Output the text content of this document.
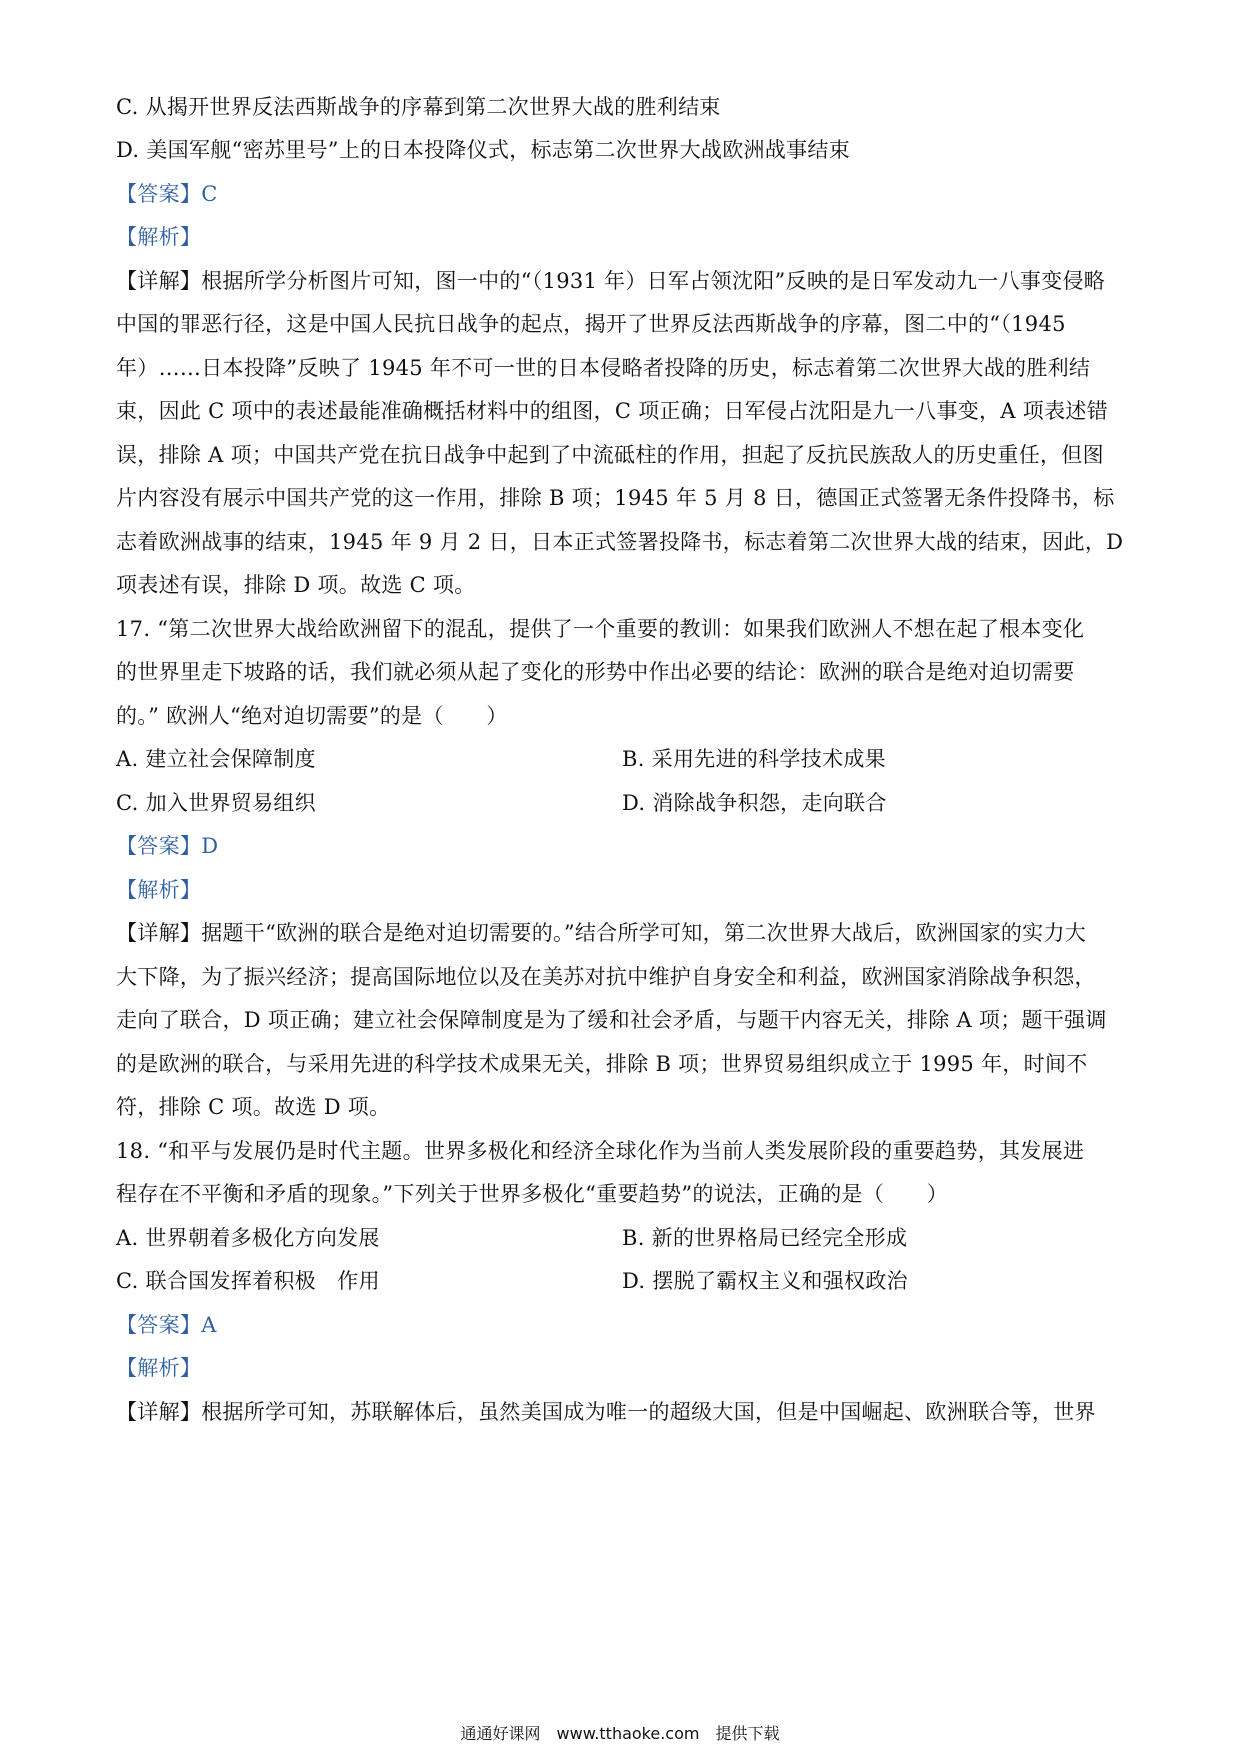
C. 从揭开世界反法西斯战争的序幕到第二次世界大战的胜利结束
D. 美国军舰“密苏里号”上的日本投降仪式，标志第二次世界大战欧洲战事结束
【答案】C
【解析】
【详解】根据所学分析图片可知，图一中的“（1931 年）日军占领沈阳”反映的是日军发动九一八事变侵略
中国的罪恶行径，这是中国人民抗日战争的起点，揭开了世界反法西斯战争的序幕，图二中的“（1945
年）……日本投降”反映了 1945 年不可一世的日本侵略者投降的历史，标志着第二次世界大战的胜利结
束，因此 C 项中的表述最能准确概括材料中的组图，C 项正确；日军侵占沈阳是九一八事变，A 项表述错
误，排除 A 项；中国共产党在抗日战争中起到了中流砥柱的作用，担起了反抗民族敌人的历史重任，但图
片内容没有展示中国共产党的这一作用，排除 B 项；1945 年 5 月 8 日，德国正式签署无条件投降书，标
志着欧洲战事的结束，1945 年 9 月 2 日，日本正式签署投降书，标志着第二次世界大战的结束，因此，D
项表述有误，排除 D 项。故选 C 项。
17. “第二次世界大战给欧洲留下的混乱，提供了一个重要的教训：如果我们欧洲人不想在起了根本变化
的世界里走下坡路的话，我们就必须从起了变化的形势中作出必要的结论：欧洲的联合是绝对迫切需要
的。” 欧洲人“绝对迫切需要”的是（　　）
A. 建立社会保障制度	B. 采用先进的科学技术成果
C. 加入世界贸易组织	D. 消除战争积怨，走向联合
【答案】D
【解析】
【详解】据题干“欧洲的联合是绝对迫切需要的。”结合所学可知，第二次世界大战后，欧洲国家的实力大
大下降，为了振兴经济；提高国际地位以及在美苏对抗中维护自身安全和利益，欧洲国家消除战争积怨，
走向了联合，D 项正确；建立社会保障制度是为了缓和社会矛盾，与题干内容无关，排除 A 项；题干强调
的是欧洲的联合，与采用先进的科学技术成果无关，排除 B 项；世界贸易组织成立于 1995 年，时间不
符，排除 C 项。故选 D 项。
18. “和平与发展仍是时代主题。世界多极化和经济全球化作为当前人类发展阶段的重要趋势，其发展进
程存在不平衡和矛盾的现象。”下列关于世界多极化“重要趋势”的说法，正确的是（　　）
A. 世界朝着多极化方向发展	B. 新的世界格局已经完全形成
C. 联合国发挥着积极　作用	D. 摆脱了霸权主义和强权政治
【答案】A
【解析】
【详解】根据所学可知，苏联解体后，虽然美国成为唯一的超级大国，但是中国崛起、欧洲联合等，世界
通通好课网　www.tthaoke.com　提供下载
